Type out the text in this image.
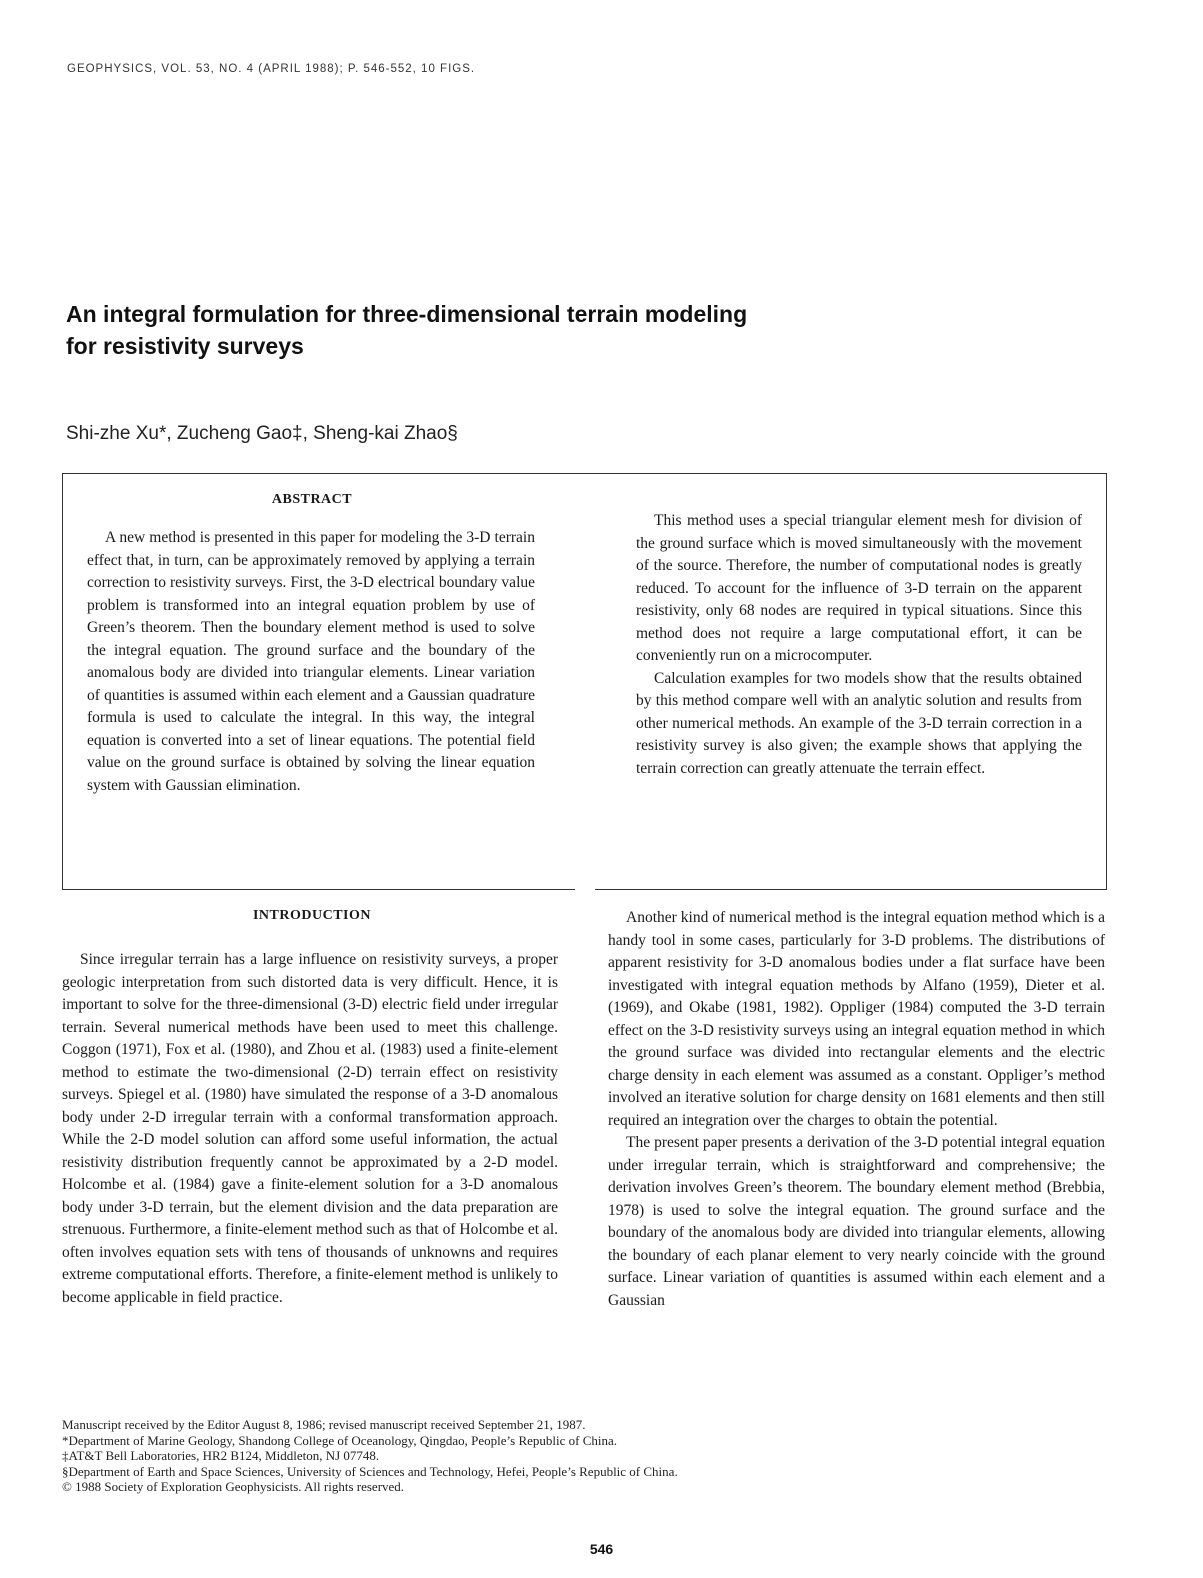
GEOPHYSICS, VOL. 53, NO. 4 (APRIL 1988); P. 546-552, 10 FIGS.
An integral formulation for three-dimensional terrain modeling
for resistivity surveys
Shi-zhe Xu*, Zucheng Gao‡, Sheng-kai Zhao§
ABSTRACT

A new method is presented in this paper for modeling the 3-D terrain effect that, in turn, can be approximately removed by applying a terrain correction to resistivity surveys. First, the 3-D electrical boundary value problem is transformed into an integral equation problem by use of Green’s theorem. Then the boundary element method is used to solve the integral equation. The ground surface and the boundary of the anomalous body are divided into triangular elements. Linear variation of quantities is assumed within each element and a Gaussian quadrature formula is used to calculate the integral. In this way, the integral equation is converted into a set of linear equations. The potential field value on the ground surface is obtained by solving the linear equation system with Gaussian elimination.

This method uses a special triangular element mesh for division of the ground surface which is moved simultaneously with the movement of the source. Therefore, the number of computational nodes is greatly reduced. To account for the influence of 3-D terrain on the apparent resistivity, only 68 nodes are required in typical situations. Since this method does not require a large computational effort, it can be conveniently run on a microcomputer.

Calculation examples for two models show that the results obtained by this method compare well with an analytic solution and results from other numerical methods. An example of the 3-D terrain correction in a resistivity survey is also given; the example shows that applying the terrain correction can greatly attenuate the terrain effect.

INTRODUCTION

Since irregular terrain has a large influence on resistivity surveys, a proper geologic interpretation from such distorted data is very difficult. Hence, it is important to solve for the three-dimensional (3-D) electric field under irregular terrain. Several numerical methods have been used to meet this challenge. Coggon (1971), Fox et al. (1980), and Zhou et al. (1983) used a finite-element method to estimate the two-dimensional (2-D) terrain effect on resistivity surveys. Spiegel et al. (1980) have simulated the response of a 3-D anomalous body under 2-D irregular terrain with a conformal transformation approach. While the 2-D model solution can afford some useful information, the actual resistivity distribution frequently cannot be approximated by a 2-D model. Holcombe et al. (1984) gave a finite-element solution for a 3-D anomalous body under 3-D terrain, but the element division and the data preparation are strenuous. Furthermore, a finite-element method such as that of Holcombe et al. often involves equation sets with tens of thousands of unknowns and requires extreme computational efforts. Therefore, a finite-element method is unlikely to become applicable in field practice.

Another kind of numerical method is the integral equation method which is a handy tool in some cases, particularly for 3-D problems. The distributions of apparent resistivity for 3-D anomalous bodies under a flat surface have been investigated with integral equation methods by Alfano (1959), Dieter et al. (1969), and Okabe (1981, 1982). Oppliger (1984) computed the 3-D terrain effect on the 3-D resistivity surveys using an integral equation method in which the ground surface was divided into rectangular elements and the electric charge density in each element was assumed as a constant. Oppliger’s method involved an iterative solution for charge density on 1681 elements and then still required an integration over the charges to obtain the potential.

The present paper presents a derivation of the 3-D potential integral equation under irregular terrain, which is straightforward and comprehensive; the derivation involves Green’s theorem. The boundary element method (Brebbia, 1978) is used to solve the integral equation. The ground surface and the boundary of the anomalous body are divided into triangular elements, allowing the boundary of each planar element to very nearly coincide with the ground surface. Linear variation of quantities is assumed within each element and a Gaussian

Manuscript received by the Editor August 8, 1986; revised manuscript received September 21, 1987.
*Department of Marine Geology, Shandong College of Oceanology, Qingdao, People’s Republic of China.
‡AT&T Bell Laboratories, HR2 B124, Middleton, NJ 07748.
§Department of Earth and Space Sciences, University of Sciences and Technology, Hefei, People’s Republic of China.
© 1988 Society of Exploration Geophysicists. All rights reserved.
546
